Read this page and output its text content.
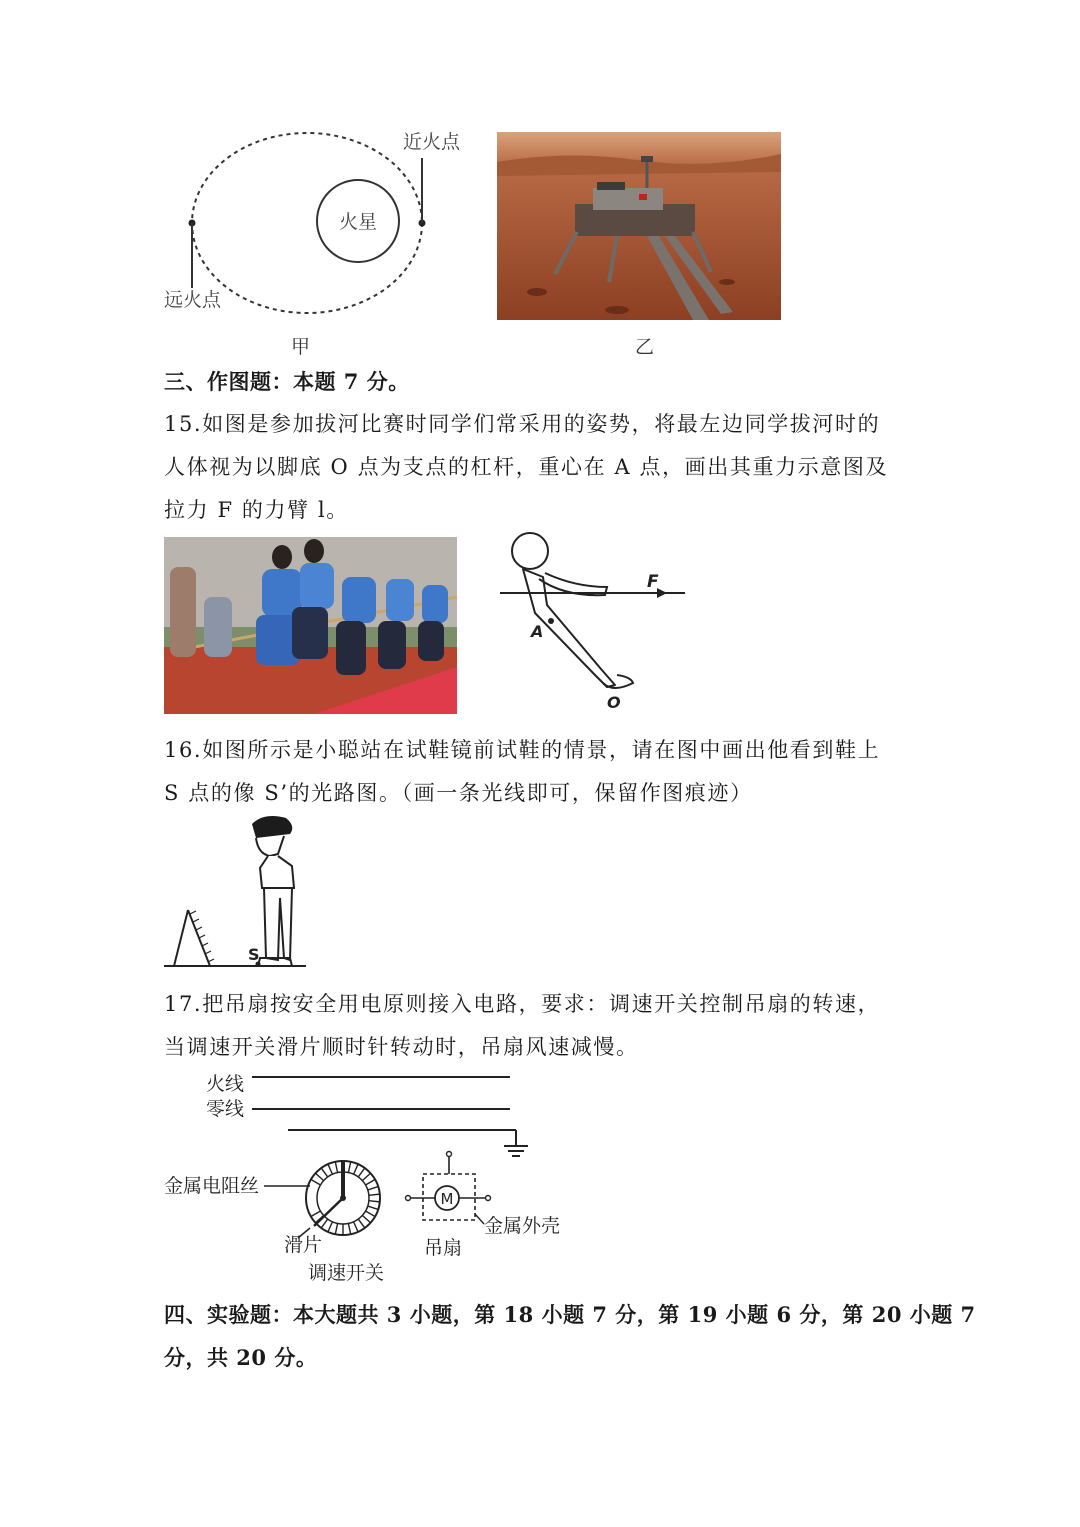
火星
近火点
远火点
甲	乙
三、作图题：本题 7 分。
15.如图是参加拔河比赛时同学们常采用的姿势，将最左边同学拔河时的
人体视为以脚底 O 点为支点的杠杆，重心在 A 点，画出其重力示意图及
拉力 F 的力臂 l。
F
A
O
16.如图所示是小聪站在试鞋镜前试鞋的情景，请在图中画出他看到鞋上
S 点的像 S’的光路图。（画一条光线即可，保留作图痕迹）
S
17.把吊扇按安全用电原则接入电路，要求：调速开关控制吊扇的转速，
当调速开关滑片顺时针转动时，吊扇风速减慢。
火线
零线
金属电阻丝
滑片
调速开关
M
金属外壳
吊扇
四、实验题：本大题共 3 小题，第 18 小题 7 分，第 19 小题 6 分，第 20 小题 7
分，共 20 分。
